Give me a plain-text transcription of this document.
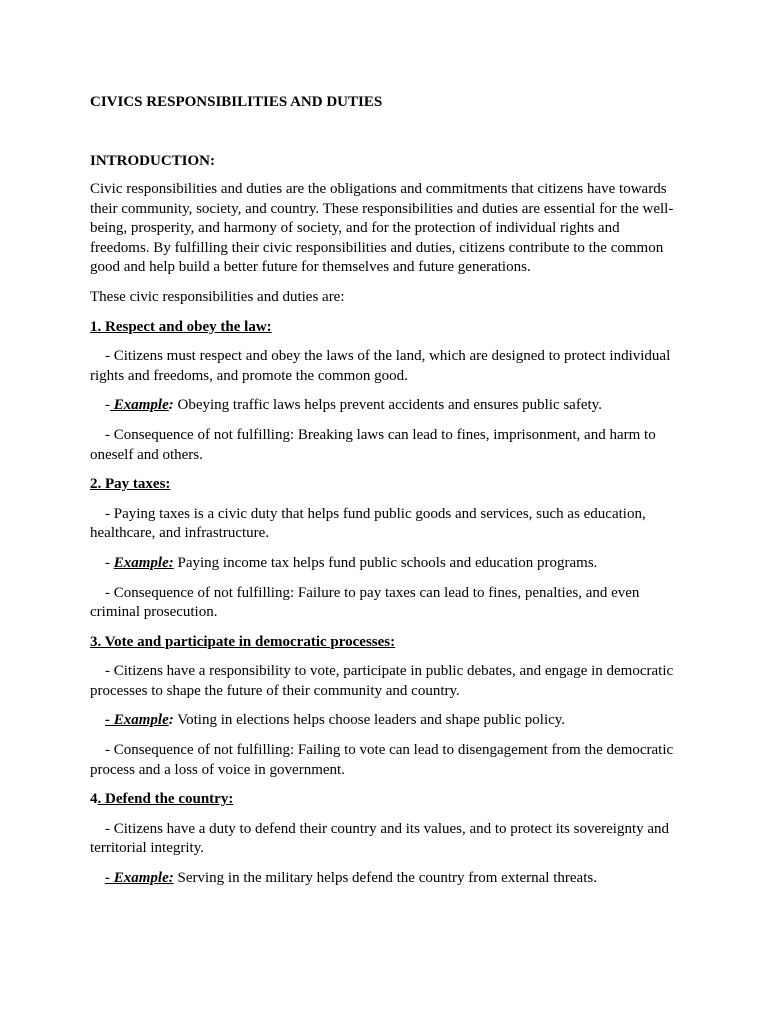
CIVICS RESPONSIBILITIES AND DUTIES
INTRODUCTION:

Civic responsibilities and duties are the obligations and commitments that citizens have towards their community, society, and country. These responsibilities and duties are essential for the well-being, prosperity, and harmony of society, and for the protection of individual rights and freedoms. By fulfilling their civic responsibilities and duties, citizens contribute to the common good and help build a better future for themselves and future generations.

These civic responsibilities and duties are:

1. Respect and obey the law:

- Citizens must respect and obey the laws of the land, which are designed to protect individual rights and freedoms, and promote the common good.

- Example: Obeying traffic laws helps prevent accidents and ensures public safety.

- Consequence of not fulfilling: Breaking laws can lead to fines, imprisonment, and harm to oneself and others.

2. Pay taxes:

- Paying taxes is a civic duty that helps fund public goods and services, such as education, healthcare, and infrastructure.

- Example: Paying income tax helps fund public schools and education programs.

- Consequence of not fulfilling: Failure to pay taxes can lead to fines, penalties, and even criminal prosecution.

3. Vote and participate in democratic processes:

- Citizens have a responsibility to vote, participate in public debates, and engage in democratic processes to shape the future of their community and country.

- Example: Voting in elections helps choose leaders and shape public policy.

- Consequence of not fulfilling: Failing to vote can lead to disengagement from the democratic process and a loss of voice in government.

4. Defend the country:

- Citizens have a duty to defend their country and its values, and to protect its sovereignty and territorial integrity.

- Example: Serving in the military helps defend the country from external threats.
